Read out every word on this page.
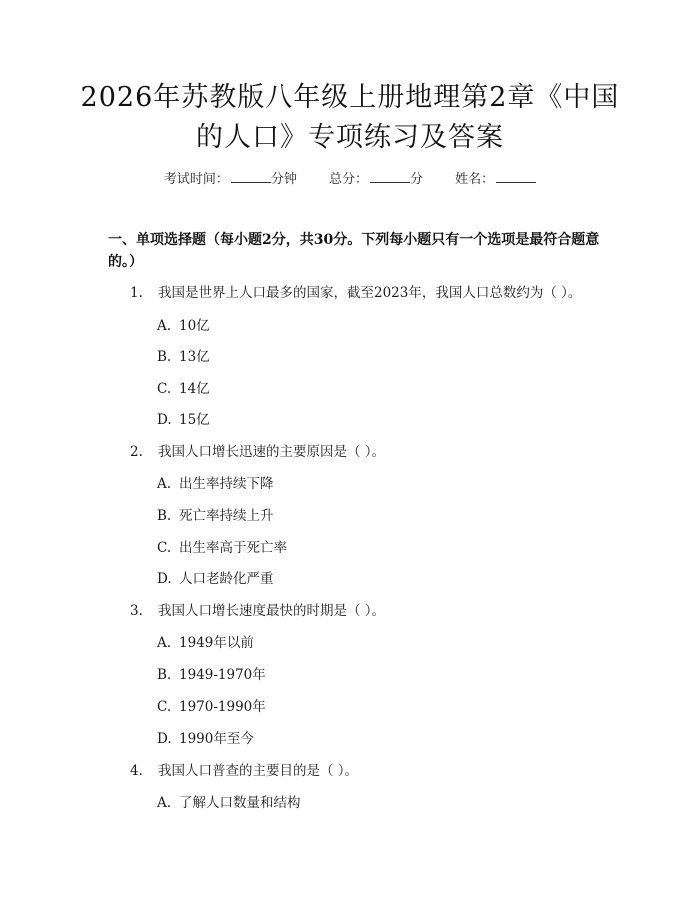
2026年苏教版八年级上册地理第2章《中国
的人口》专项练习及答案
考试时间：	分钟 总分：	分 姓名：
一、单项选择题（每小题2分，共30分。下列每小题只有一个选项是最符合题意的。）
1. 我国是世界上人口最多的国家，截至2023年，我国人口总数约为（ ）。
A. 10亿
B. 13亿
C. 14亿
D. 15亿
2. 我国人口增长迅速的主要原因是（ ）。
A. 出生率持续下降
B. 死亡率持续上升
C. 出生率高于死亡率
D. 人口老龄化严重
3. 我国人口增长速度最快的时期是（ ）。
A. 1949年以前
B. 1949-1970年
C. 1970-1990年
D. 1990年至今
4. 我国人口普查的主要目的是（ ）。
A. 了解人口数量和结构
